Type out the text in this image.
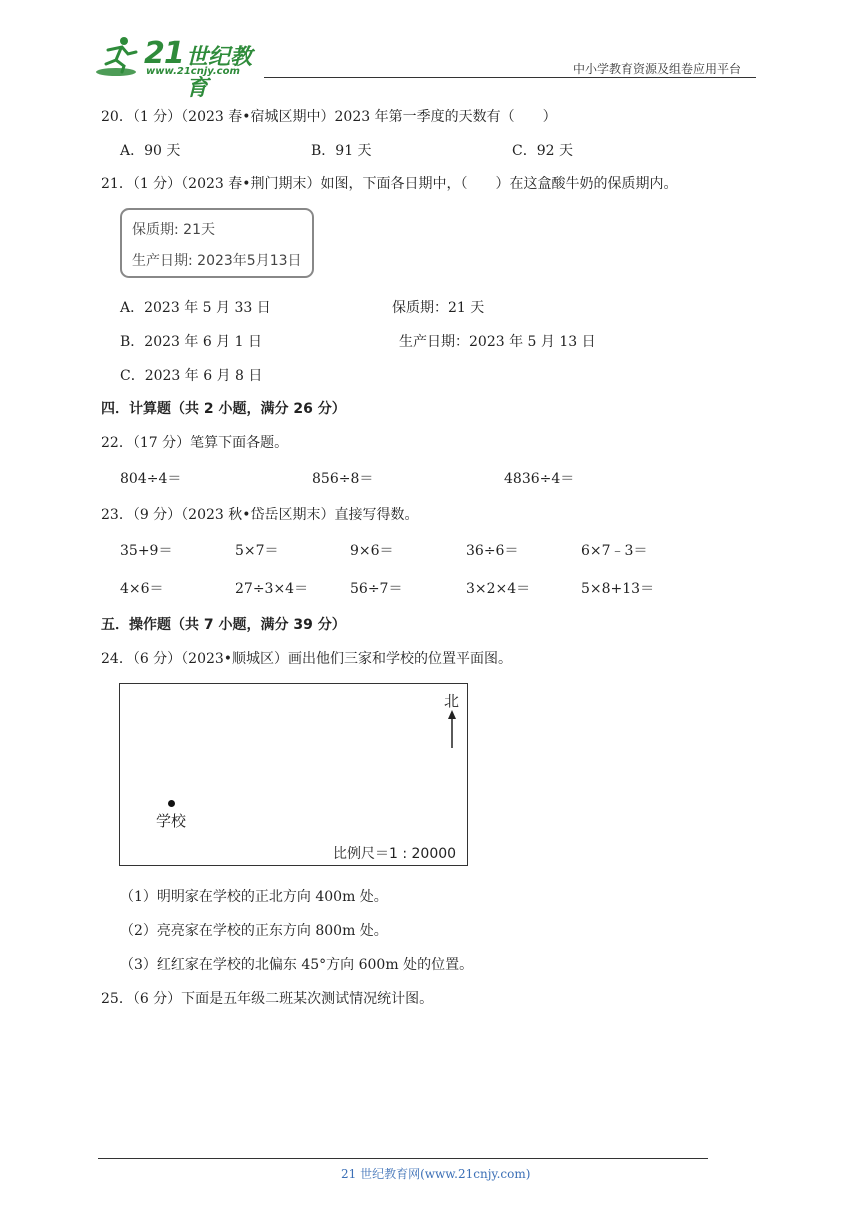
21 世纪教育
www.21cnjy.com	中小学教育资源及组卷应用平台
20．（1 分）（2023 春•宿城区期中）2023 年第一季度的天数有（　　）
A．90 天	B．91 天	C．92 天
21．（1 分）（2023 春•荆门期末）如图，下面各日期中，（　　）在这盒酸牛奶的保质期内。
保质期: 21天
生产日期: 2023年5月13日
A．2023 年 5 月 33 日	保质期：21 天
B．2023 年 6 月 1 日	生产日期：2023 年 5 月 13 日
C．2023 年 6 月 8 日
四．计算题（共 2 小题，满分 26 分）
22．（17 分）笔算下面各题。
804÷4＝	856÷8＝	4836÷4＝
23．（9 分）（2023 秋•岱岳区期末）直接写得数。
35+9＝	5×7＝	9×6＝	36÷6＝	6×7﹣3＝
4×6＝	27÷3×4＝	56÷7＝	3×2×4＝	5×8+13＝
五．操作题（共 7 小题，满分 39 分）
24．（6 分）（2023•顺城区）画出他们三家和学校的位置平面图。
北
学校
比例尺＝1 : 20000
（1）明明家在学校的正北方向 400m 处。
（2）亮亮家在学校的正东方向 800m 处。
（3）红红家在学校的北偏东 45°方向 600m 处的位置。
25．（6 分）下面是五年级二班某次测试情况统计图。
21 世纪教育网(www.21cnjy.com)
